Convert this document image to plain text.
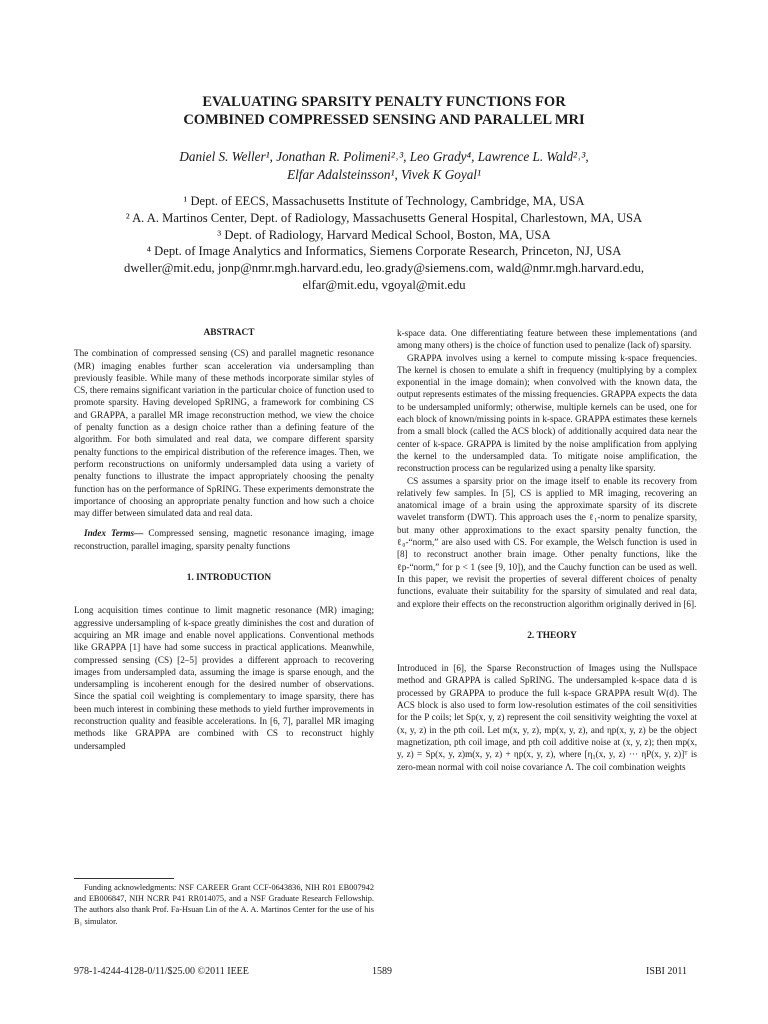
EVALUATING SPARSITY PENALTY FUNCTIONS FOR
COMBINED COMPRESSED SENSING AND PARALLEL MRI
Daniel S. Weller¹, Jonathan R. Polimeni²˒³, Leo Grady⁴, Lawrence L. Wald²˒³,
Elfar Adalsteinsson¹, Vivek K Goyal¹
¹ Dept. of EECS, Massachusetts Institute of Technology, Cambridge, MA, USA
² A. A. Martinos Center, Dept. of Radiology, Massachusetts General Hospital, Charlestown, MA, USA
³ Dept. of Radiology, Harvard Medical School, Boston, MA, USA
⁴ Dept. of Image Analytics and Informatics, Siemens Corporate Research, Princeton, NJ, USA
dweller@mit.edu, jonp@nmr.mgh.harvard.edu, leo.grady@siemens.com, wald@nmr.mgh.harvard.edu,
elfar@mit.edu, vgoyal@mit.edu

ABSTRACT

The combination of compressed sensing (CS) and parallel magnetic resonance (MR) imaging enables further scan acceleration via undersampling than previously feasible. While many of these methods incorporate similar styles of CS, there remains significant variation in the particular choice of function used to promote sparsity. Having developed SpRING, a framework for combining CS and GRAPPA, a parallel MR image reconstruction method, we view the choice of penalty function as a design choice rather than a defining feature of the algorithm. For both simulated and real data, we compare different sparsity penalty functions to the empirical distribution of the reference images. Then, we perform reconstructions on uniformly undersampled data using a variety of penalty functions to illustrate the impact appropriately choosing the penalty function has on the performance of SpRING. These experiments demonstrate the importance of choosing an appropriate penalty function and how such a choice may differ between simulated data and real data.

Index Terms— Compressed sensing, magnetic resonance imaging, image reconstruction, parallel imaging, sparsity penalty functions

1. INTRODUCTION

Long acquisition times continue to limit magnetic resonance (MR) imaging; aggressive undersampling of k-space greatly diminishes the cost and duration of acquiring an MR image and enable novel applications. Conventional methods like GRAPPA [1] have had some success in practical applications. Meanwhile, compressed sensing (CS) [2–5] provides a different approach to recovering images from undersampled data, assuming the image is sparse enough, and the undersampling is incoherent enough for the desired number of observations. Since the spatial coil weighting is complementary to image sparsity, there has been much interest in combining these methods to yield further improvements in reconstruction quality and feasible accelerations. In [6, 7], parallel MR imaging methods like GRAPPA are combined with CS to reconstruct highly undersampled

Funding acknowledgments: NSF CAREER Grant CCF-0643836, NIH R01 EB007942 and EB006847, NIH NCRR P41 RR014075, and a NSF Graduate Research Fellowship. The authors also thank Prof. Fa-Hsuan Lin of the A. A. Martinos Center for the use of his B₁ simulator.

k-space data. One differentiating feature between these implementations (and among many others) is the choice of function used to penalize (lack of) sparsity.

GRAPPA involves using a kernel to compute missing k-space frequencies. The kernel is chosen to emulate a shift in frequency (multiplying by a complex exponential in the image domain); when convolved with the known data, the output represents estimates of the missing frequencies. GRAPPA expects the data to be undersampled uniformly; otherwise, multiple kernels can be used, one for each block of known/missing points in k-space. GRAPPA estimates these kernels from a small block (called the ACS block) of additionally acquired data near the center of k-space. GRAPPA is limited by the noise amplification from applying the kernel to the undersampled data. To mitigate noise amplification, the reconstruction process can be regularized using a penalty like sparsity.

CS assumes a sparsity prior on the image itself to enable its recovery from relatively few samples. In [5], CS is applied to MR imaging, recovering an anatomical image of a brain using the approximate sparsity of its discrete wavelet transform (DWT). This approach uses the ℓ₁-norm to penalize sparsity, but many other approximations to the exact sparsity penalty function, the ℓ₀-“norm,” are also used with CS. For example, the Welsch function is used in [8] to reconstruct another brain image. Other penalty functions, like the ℓp-“norm,” for p < 1 (see [9, 10]), and the Cauchy function can be used as well. In this paper, we revisit the properties of several different choices of penalty functions, evaluate their suitability for the sparsity of simulated and real data, and explore their effects on the reconstruction algorithm originally derived in [6].

2. THEORY

Introduced in [6], the Sparse Reconstruction of Images using the Nullspace method and GRAPPA is called SpRING. The undersampled k-space data d is processed by GRAPPA to produce the full k-space GRAPPA result W(d). The ACS block is also used to form low-resolution estimates of the coil sensitivities for the P coils; let Sp(x, y, z) represent the coil sensitivity weighting the voxel at (x, y, z) in the pth coil. Let m(x, y, z), mp(x, y, z), and ηp(x, y, z) be the object magnetization, pth coil image, and pth coil additive noise at (x, y, z); then mp(x, y, z) = Sp(x, y, z)m(x, y, z) + ηp(x, y, z), where [η₁(x, y, z) ··· ηP(x, y, z)]ᵀ is zero-mean normal with coil noise covariance Λ. The coil combination weights

978-1-4244-4128-0/11/$25.00 ©2011 IEEE	1589	ISBI 2011
